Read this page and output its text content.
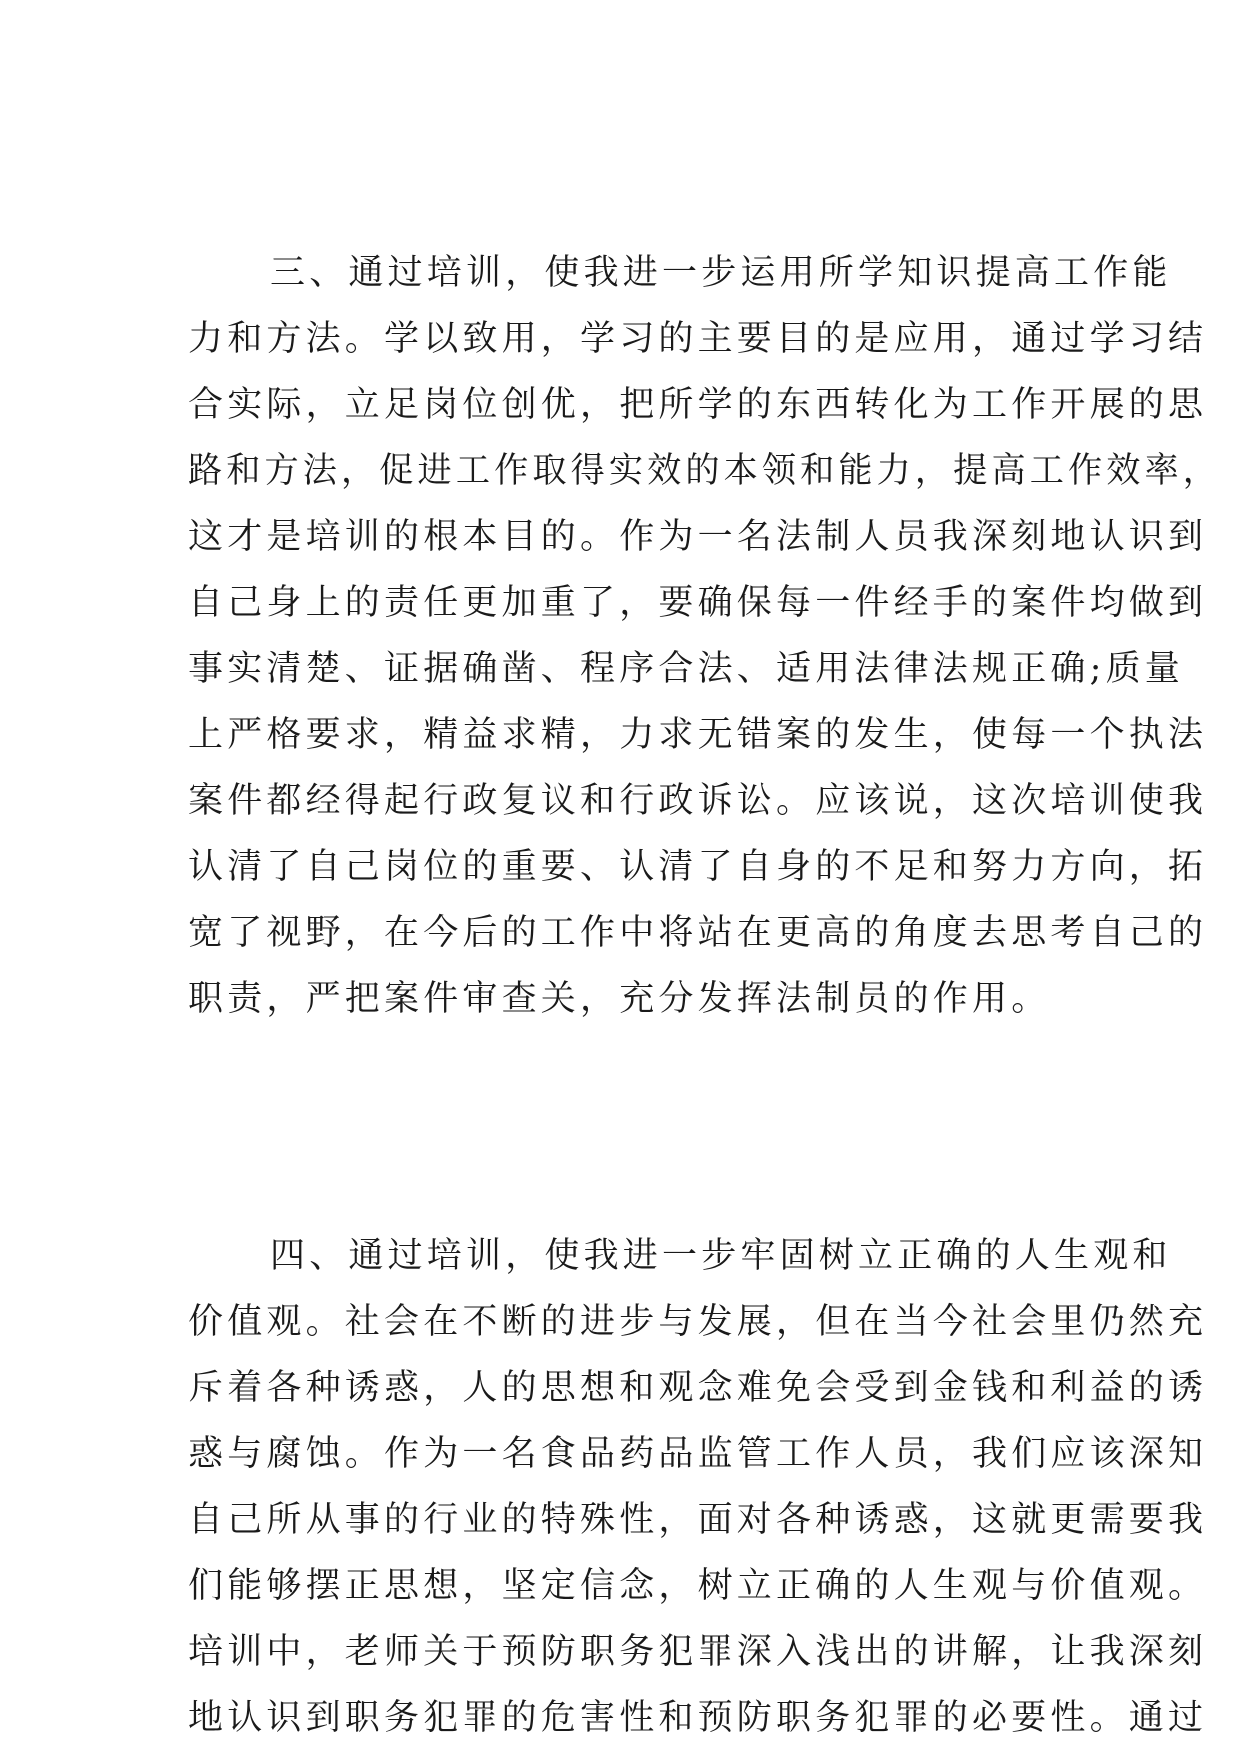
三、通过培训，使我进一步运用所学知识提高工作能
力和方法。学以致用，学习的主要目的是应用，通过学习结
合实际，立足岗位创优，把所学的东西转化为工作开展的思
路和方法，促进工作取得实效的本领和能力，提高工作效率，
这才是培训的根本目的。作为一名法制人员我深刻地认识到
自己身上的责任更加重了，要确保每一件经手的案件均做到
事实清楚、证据确凿、程序合法、适用法律法规正确;质量
上严格要求，精益求精，力求无错案的发生，使每一个执法
案件都经得起行政复议和行政诉讼。应该说，这次培训使我
认清了自己岗位的重要、认清了自身的不足和努力方向，拓
宽了视野，在今后的工作中将站在更高的角度去思考自己的
职责，严把案件审查关，充分发挥法制员的作用。
四、通过培训，使我进一步牢固树立正确的人生观和
价值观。社会在不断的进步与发展，但在当今社会里仍然充
斥着各种诱惑，人的思想和观念难免会受到金钱和利益的诱
惑与腐蚀。作为一名食品药品监管工作人员，我们应该深知
自己所从事的行业的特殊性，面对各种诱惑，这就更需要我
们能够摆正思想，坚定信念，树立正确的人生观与价值观。
培训中，老师关于预防职务犯罪深入浅出的讲解，让我深刻
地认识到职务犯罪的危害性和预防职务犯罪的必要性。通过
